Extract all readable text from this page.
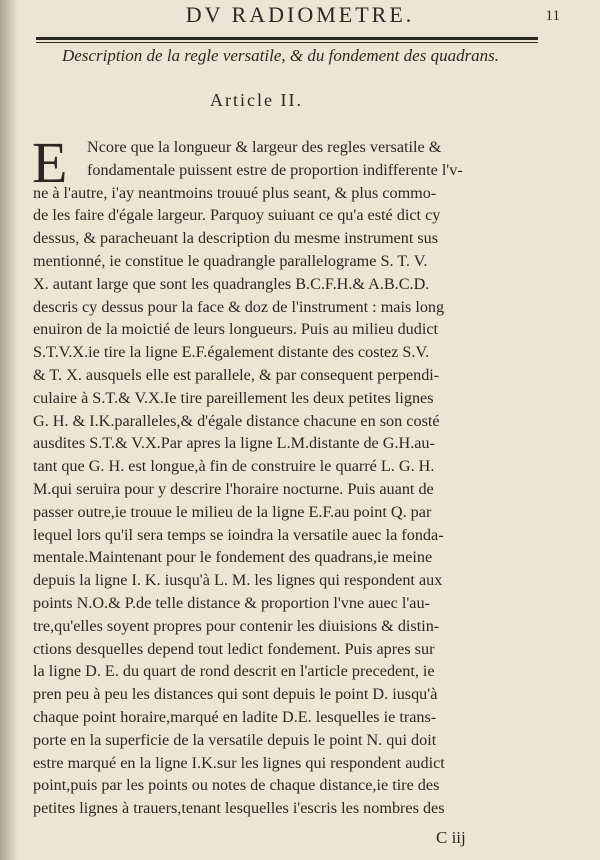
DV RADIOMETRE.	11
Description de la regle versatile, & du fondement des quadrans.
Article II.
E	Ncore que la longueur & largeur des regles versatile &
fondamentale puissent estre de proportion indifferente l'v-
ne à l'autre, i'ay neantmoins trouué plus seant, & plus commo-
de les faire d'égale largeur. Parquoy suiuant ce qu'a esté dict cy
dessus, & paracheuant la description du mesme instrument sus
mentionné, ie constitue le quadrangle parallelograme S. T. V.
X. autant large que sont les quadrangles B.C.F.H.& A.B.C.D.
descris cy dessus pour la face & doz de l'instrument : mais long
enuiron de la moictié de leurs longueurs. Puis au milieu dudict
S.T.V.X.ie tire la ligne E.F.également distante des costez S.V.
& T. X. ausquels elle est parallele, & par consequent perpendi-
culaire à S.T.& V.X.Ie tire pareillement les deux petites lignes
G. H. & I.K.paralleles,& d'égale distance chacune en son costé
ausdites S.T.& V.X.Par apres la ligne L.M.distante de G.H.au-
tant que G. H. est longue,à fin de construire le quarré L. G. H.
M.qui seruira pour y descrire l'horaire nocturne. Puis auant de
passer outre,ie trouue le milieu de la ligne E.F.au point Q. par
lequel lors qu'il sera temps se ioindra la versatile auec la fonda-
mentale.Maintenant pour le fondement des quadrans,ie meine
depuis la ligne I. K. iusqu'à L. M. les lignes qui respondent aux
points N.O.& P.de telle distance & proportion l'vne auec l'au-
tre,qu'elles soyent propres pour contenir les diuisions & distin-
ctions desquelles depend tout ledict fondement. Puis apres sur
la ligne D. E. du quart de rond descrit en l'article precedent, ie
pren peu à peu les distances qui sont depuis le point D. iusqu'à
chaque point horaire,marqué en ladite D.E. lesquelles ie trans-
porte en la superficie de la versatile depuis le point N. qui doit
estre marqué en la ligne I.K.sur les lignes qui respondent audict
point,puis par les points ou notes de chaque distance,ie tire des
petites lignes à trauers,tenant lesquelles i'escris les nombres des
C iij
